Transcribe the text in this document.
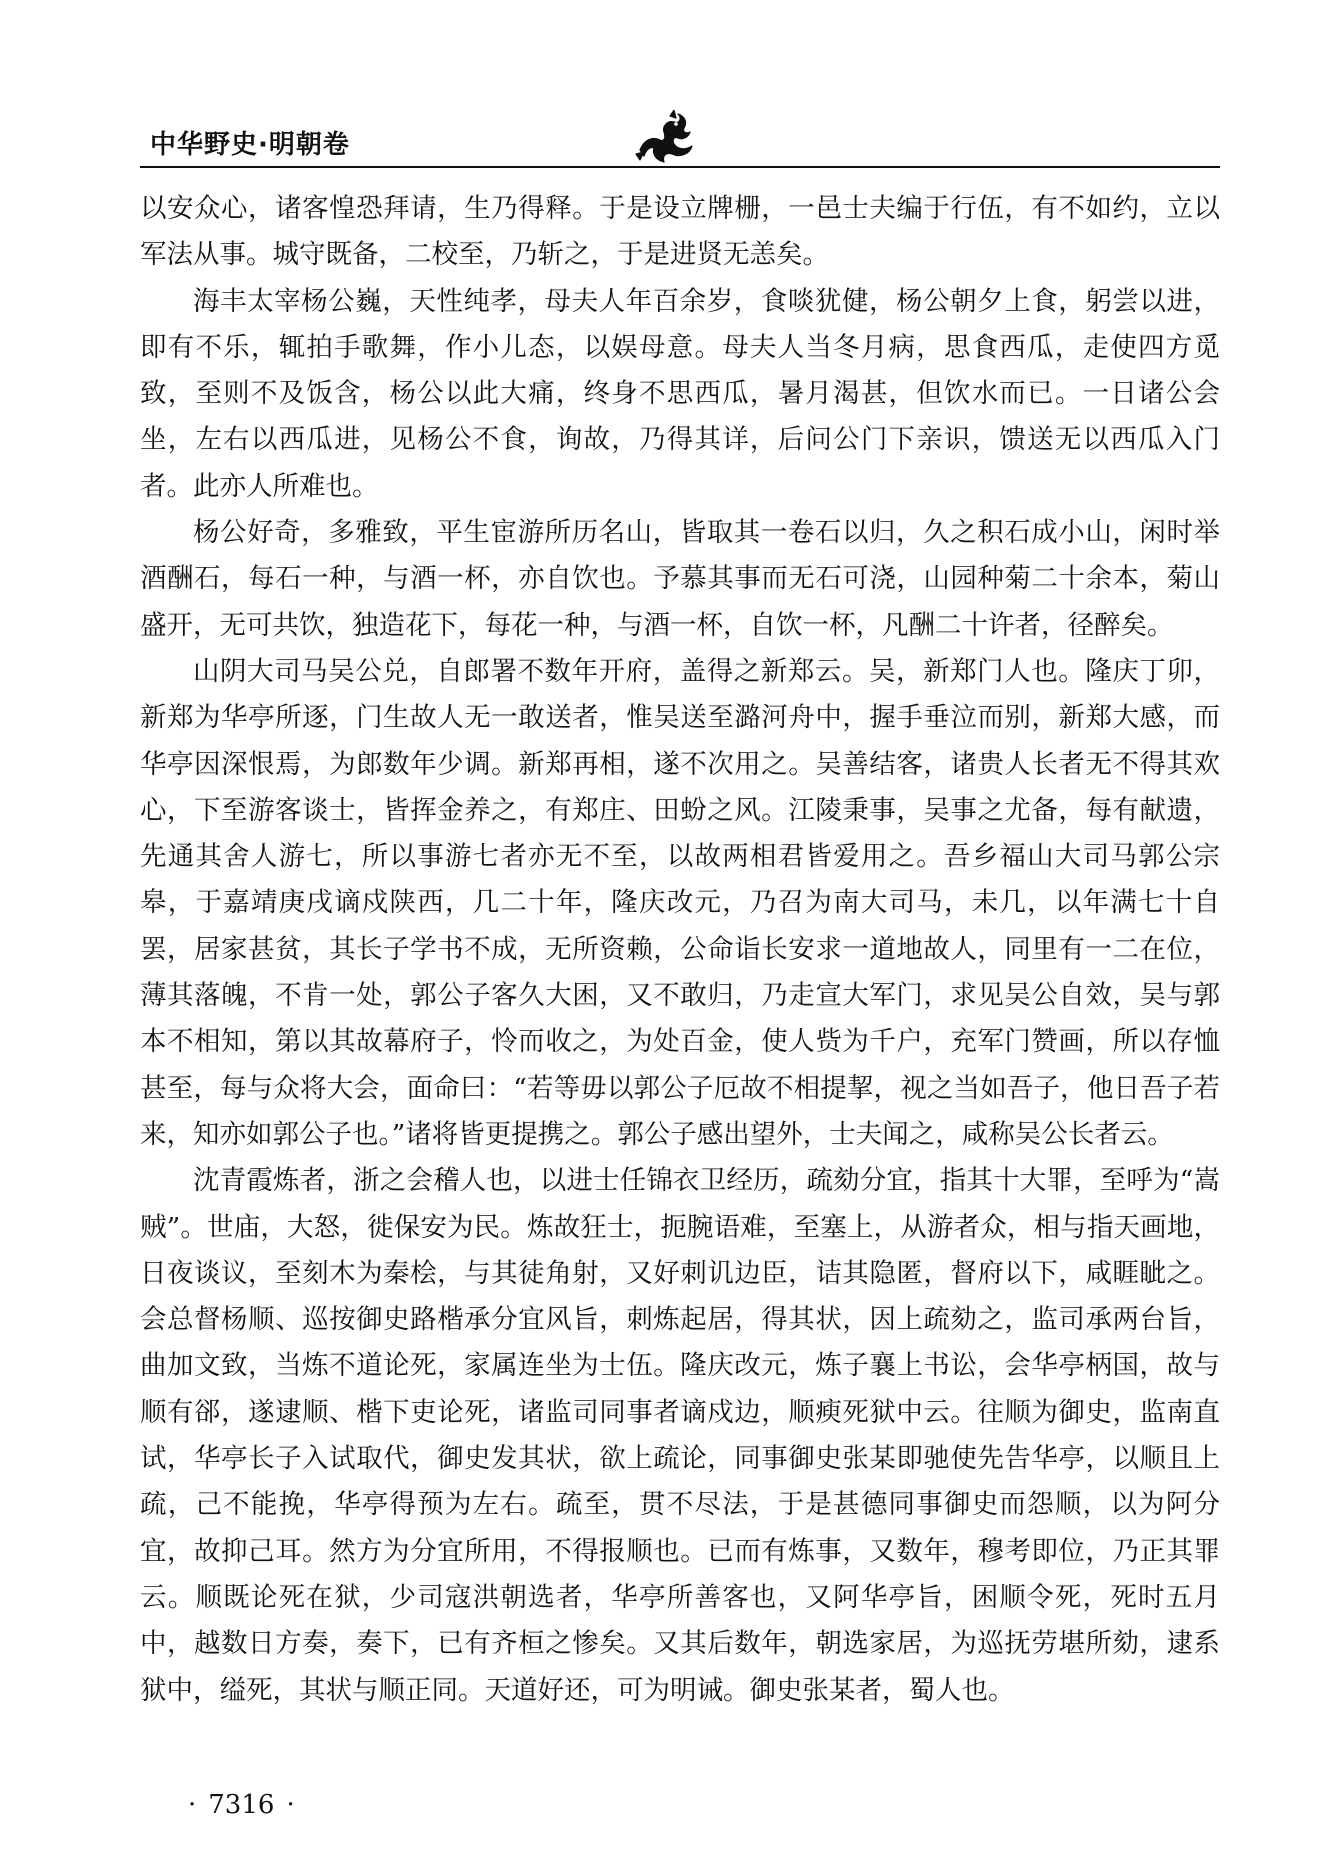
中华野史·明朝卷

以安众心，诸客惶恐拜请，生乃得释。于是设立牌栅，一邑士夫编于行伍，有不如约，立以军法从事。城守既备，二校至，乃斩之，于是进贤无恙矣。

海丰太宰杨公巍，天性纯孝，母夫人年百余岁，食啖犹健，杨公朝夕上食，躬尝以进，即有不乐，辄拍手歌舞，作小儿态，以娱母意。母夫人当冬月病，思食西瓜，走使四方觅致，至则不及饭含，杨公以此大痛，终身不思西瓜，暑月渴甚，但饮水而已。一日诸公会坐，左右以西瓜进，见杨公不食，询故，乃得其详，后问公门下亲识，馈送无以西瓜入门者。此亦人所难也。

杨公好奇，多雅致，平生宦游所历名山，皆取其一卷石以归，久之积石成小山，闲时举酒酬石，每石一种，与酒一杯，亦自饮也。予慕其事而无石可浇，山园种菊二十余本，菊山盛开，无可共饮，独造花下，每花一种，与酒一杯，自饮一杯，凡酬二十许者，径醉矣。

山阴大司马吴公兑，自郎署不数年开府，盖得之新郑云。吴，新郑门人也。隆庆丁卯，新郑为华亭所逐，门生故人无一敢送者，惟吴送至潞河舟中，握手垂泣而别，新郑大感，而华亭因深恨焉，为郎数年少调。新郑再相，遂不次用之。吴善结客，诸贵人长者无不得其欢心，下至游客谈士，皆挥金养之，有郑庄、田蚡之风。江陵秉事，吴事之尤备，每有献遗，先通其舍人游七，所以事游七者亦无不至，以故两相君皆爱用之。吾乡福山大司马郭公宗皋，于嘉靖庚戌谪戍陕西，几二十年，隆庆改元，乃召为南大司马，未几，以年满七十自罢，居家甚贫，其长子学书不成，无所资赖，公命诣长安求一道地故人，同里有一二在位，薄其落魄，不肯一处，郭公子客久大困，又不敢归，乃走宣大军门，求见吴公自效，吴与郭本不相知，第以其故幕府子，怜而收之，为处百金，使人赀为千户，充军门赞画，所以存恤甚至，每与众将大会，面命曰：“若等毋以郭公子厄故不相提挈，视之当如吾子，他日吾子若来，知亦如郭公子也。”诸将皆更提携之。郭公子感出望外，士夫闻之，咸称吴公长者云。

沈青霞炼者，浙之会稽人也，以进士任锦衣卫经历，疏劾分宜，指其十大罪，至呼为“嵩贼”。世庙，大怒，徙保安为民。炼故狂士，扼腕语难，至塞上，从游者众，相与指天画地，日夜谈议，至刻木为秦桧，与其徒角射，又好刺讥边臣，诘其隐匿，督府以下，咸睚眦之。会总督杨顺、巡按御史路楷承分宜风旨，刺炼起居，得其状，因上疏劾之，监司承两台旨，曲加文致，当炼不道论死，家属连坐为士伍。隆庆改元，炼子襄上书讼，会华亭柄国，故与顺有郤，遂逮顺、楷下吏论死，诸监司同事者谪戍边，顺瘐死狱中云。往顺为御史，监南直试，华亭长子入试取代，御史发其状，欲上疏论，同事御史张某即驰使先告华亭，以顺且上疏，己不能挽，华亭得预为左右。疏至，贯不尽法，于是甚德同事御史而怨顺，以为阿分宜，故抑己耳。然方为分宜所用，不得报顺也。已而有炼事，又数年，穆考即位，乃正其罪云。顺既论死在狱，少司寇洪朝选者，华亭所善客也，又阿华亭旨，困顺令死，死时五月中，越数日方奏，奏下，已有齐桓之惨矣。又其后数年，朝选家居，为巡抚劳堪所劾，逮系狱中，缢死，其状与顺正同。天道好还，可为明诫。御史张某者，蜀人也。

· 7316 ·
